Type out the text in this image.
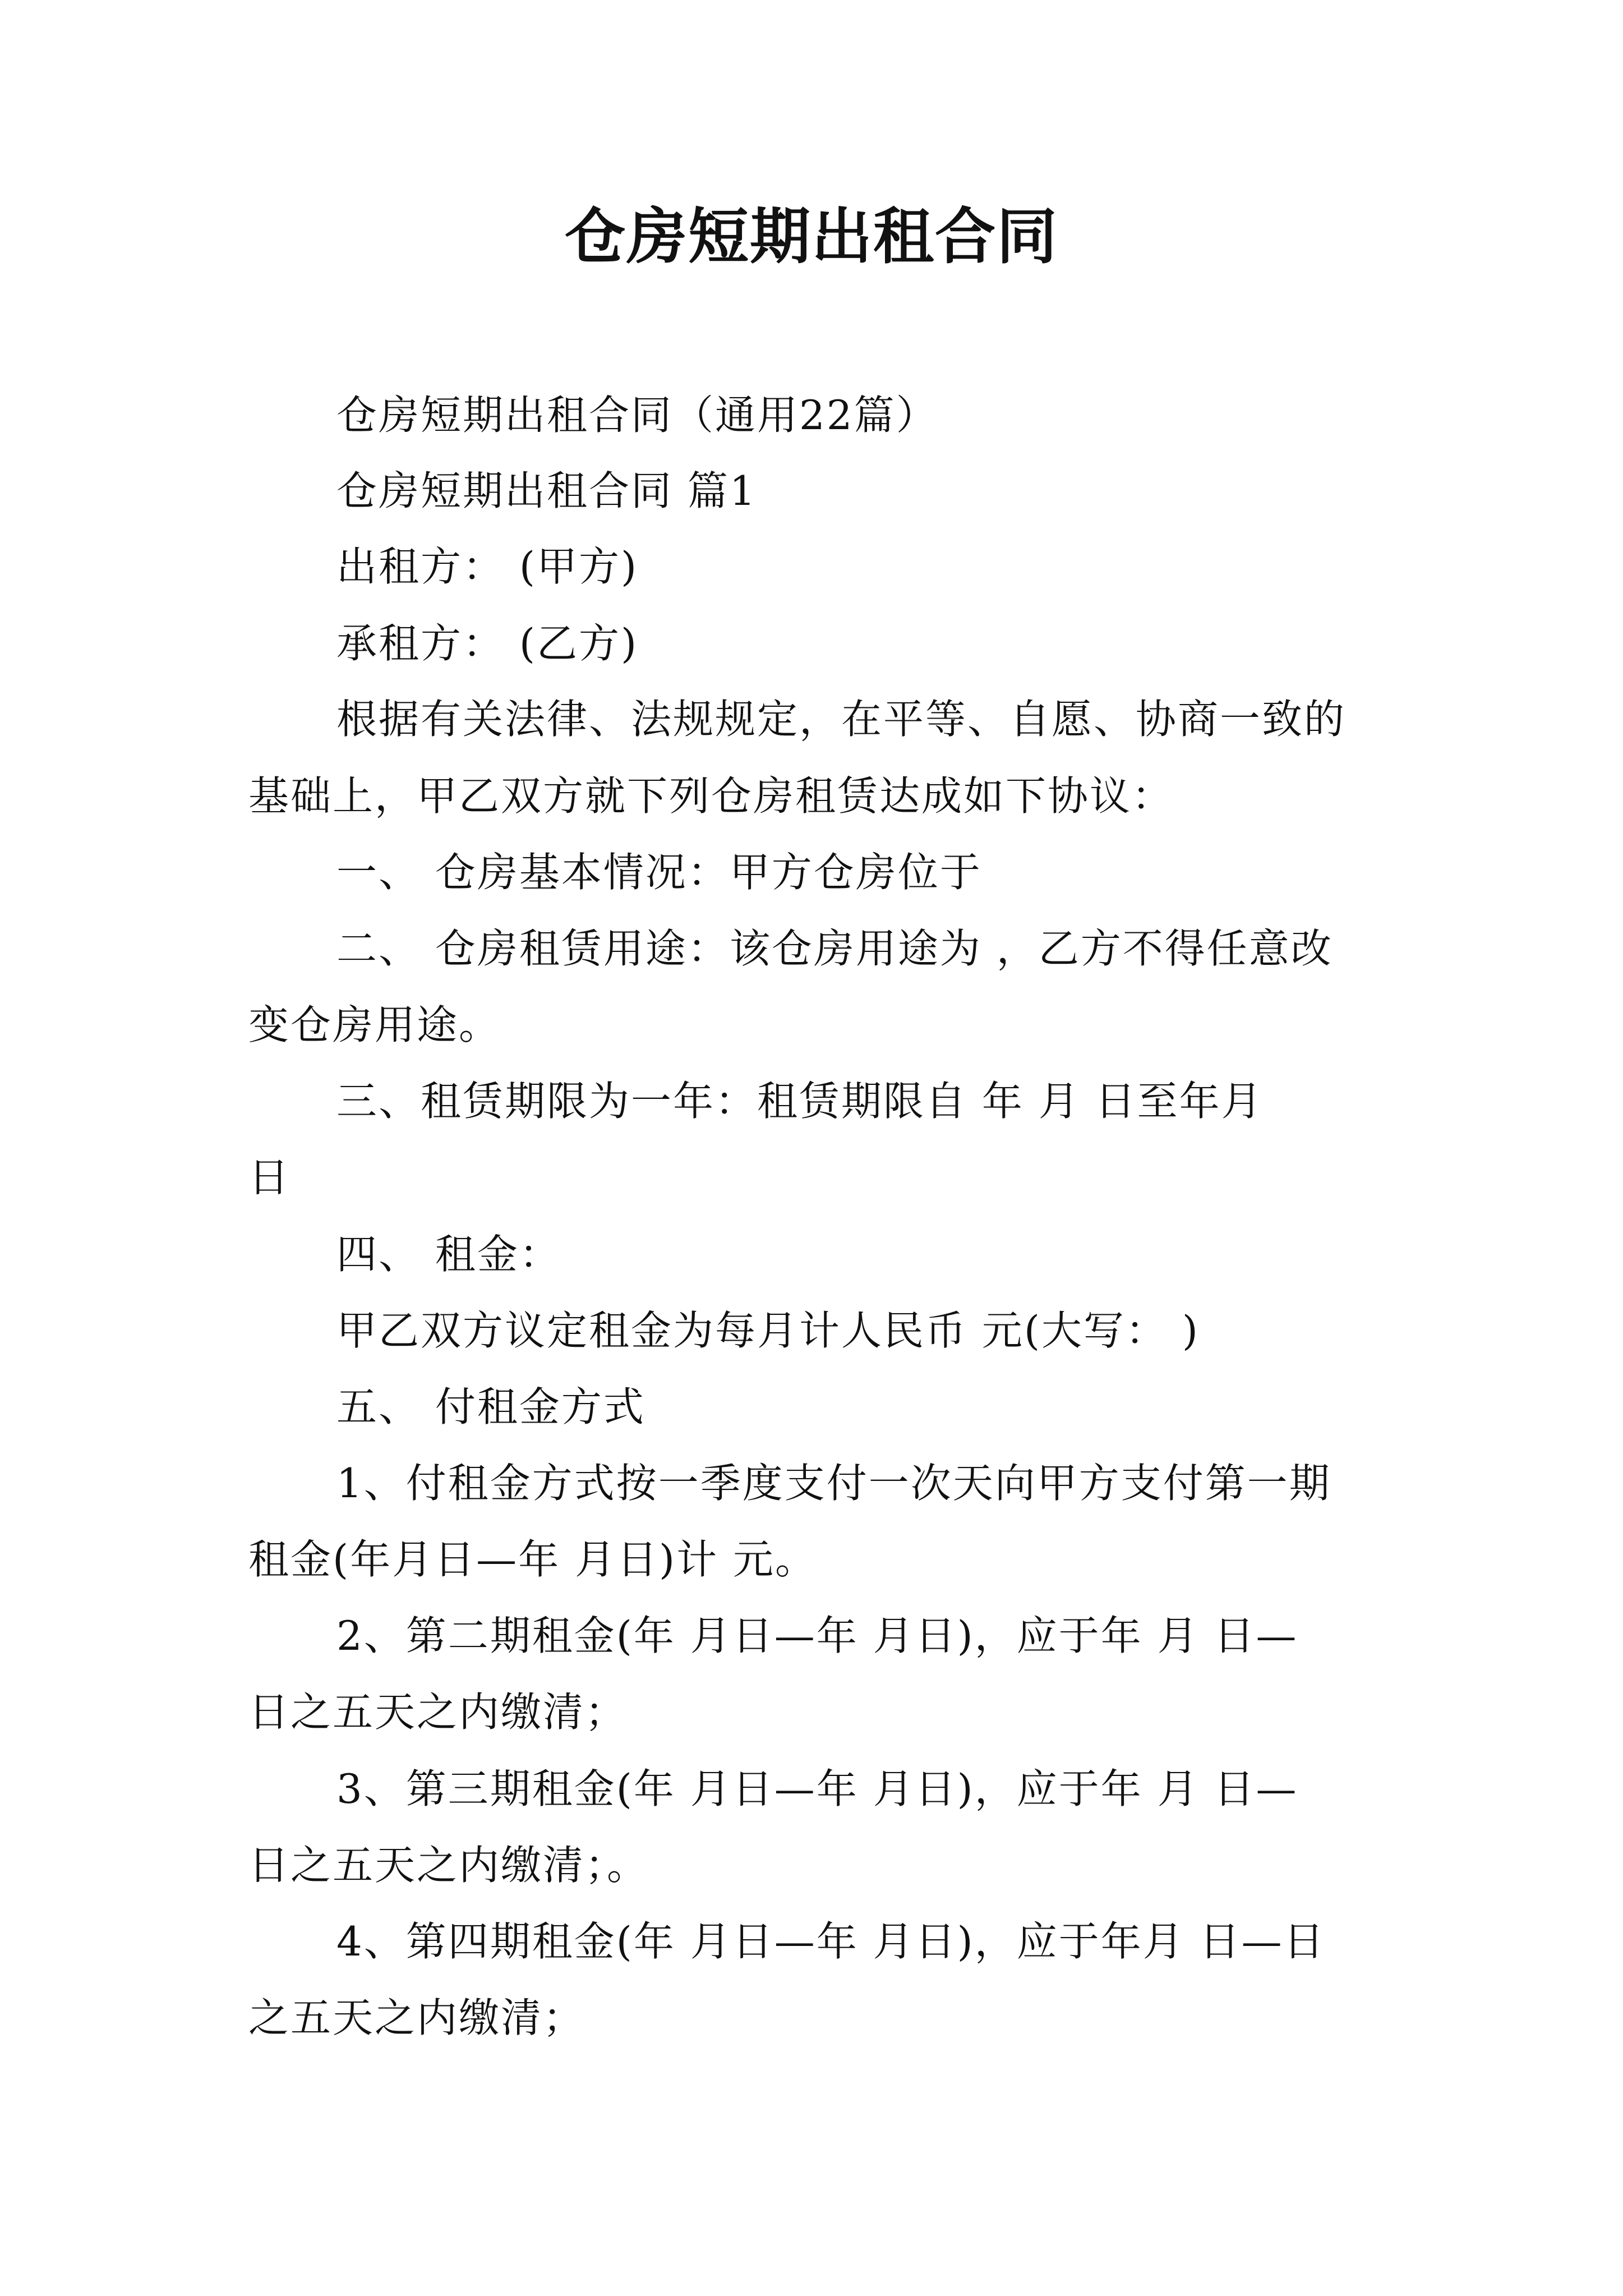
仓房短期出租合同
仓房短期出租合同（通用22篇）
仓房短期出租合同 篇1
出租方： (甲方)
承租方： (乙方)
根据有关法律、法规规定，在平等、自愿、协商一致的
基础上，甲乙双方就下列仓房租赁达成如下协议：
一、 仓房基本情况：甲方仓房位于
二、 仓房租赁用途：该仓房用途为 ，乙方不得任意改
变仓房用途。
三、租赁期限为一年：租赁期限自 年 月 日至年月
日
四、 租金：
甲乙双方议定租金为每月计人民币 元(大写： )
五、 付租金方式
1、付租金方式按一季度支付一次天向甲方支付第一期
租金(年月日—年 月日)计 元。
2、第二期租金(年 月日—年 月日)，应于年 月 日—
日之五天之内缴清；
3、第三期租金(年 月日—年 月日)，应于年 月 日—
日之五天之内缴清；。
4、第四期租金(年 月日—年 月日)，应于年月 日—日
之五天之内缴清；
